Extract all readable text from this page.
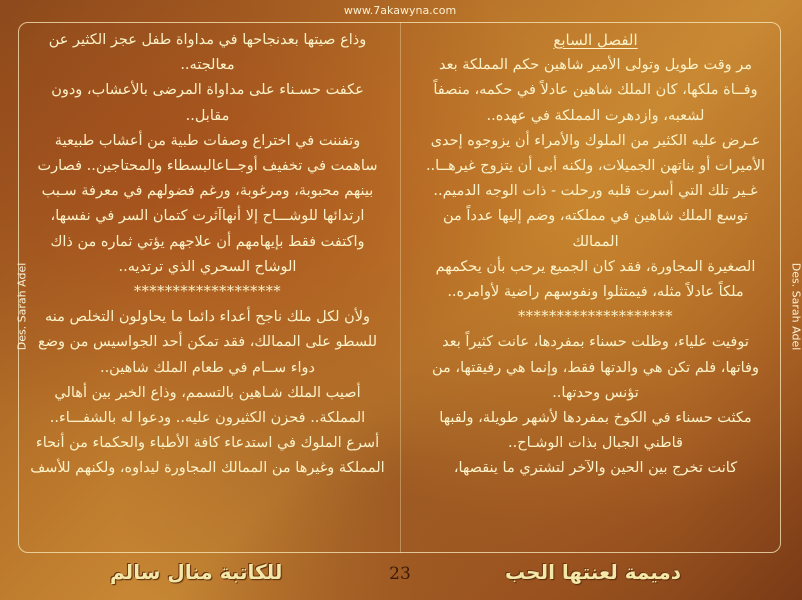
www.7akawyna.com
Des. Sarah Adel	Des. Sarah Adel

الفصل السابع

مر وقت طويل وتولى الأمير شاهين حكم المملكة بعد

وفــاة ملكها، كان الملك شاهين عادلاً في حكمه، منصفاً

لشعبه، وازدهرت المملكة في عهده..

عـرض عليه الكثير من الملوك والأمراء أن يزوجوه إحدى

الأميرات أو بناتهن الجميلات، ولكنه أبى أن يتزوج غيرهــا..

غـير تلك التي أسرت قلبه ورحلت - ذات الوجه الدميم..

توسع الملك شاهين في مملكته، وضم إليها عدداً من الممالك

الصغيرة المجاورة، فقد كان الجميع يرحب بأن يحكمهم

ملكاً عادلاً مثله، فيمتثلوا ونفوسهم راضية لأوامره..

********************

توفيت علياء، وظلت حسناء بمفردها، عانت كثيراً بعد

وفاتها، فلم تكن هي والدتها فقط، وإنما هي رفيقتها، من

تؤنس وحدتها..

مكثت حسناء في الكوخ بمفردها لأشهر طويلة، ولقبها

قاطني الجبال بذات الوشـاح..

كانت تخرج بين الحين والآخر لتشتري ما ينقصها،

وذاع صيتها بعدنجاحها في مداواة طفل عجز الكثير عن

معالجته..

عكفت حسـناء على مداواة المرضى بالأعشاب، ودون مقابل..

وتفننت في اختراع وصفات طبية من أعشاب طبيعية

ساهمت في تخفيف أوجــاعالبسطاء والمحتاجين.. فصارت

بينهم محبوبة، ومرغوبة، ورغم فضولهم في معرفة سـبب

ارتدائها للوشـــاح إلا أنهاآثرت كتمان السر في نفسها،

واكتفت فقط بإيهامهم أن علاجهم يؤتي ثماره من ذاك

الوشاح السحري الذي ترتديه..

*******************

ولأن لكل ملك ناجح أعداء دائما ما يحاولون التخلص منه

للسطو على الممالك، فقد تمكن أحد الجواسيس من وضع

دواء ســام في طعام الملك شاهين..

أصيب الملك شـاهين بالتسمم، وذاع الخبر بين أهالي

المملكة.. فحزن الكثيرون عليه.. ودعوا له بالشفـــاء..

أسرع الملوك في استدعاء كافة الأطباء والحكماء من أنحاء

المملكة وغيرها من الممالك المجاورة ليداوه، ولكنهم للأسف

دميمة لعنتها الحب
23
للكاتبة منال سالم
